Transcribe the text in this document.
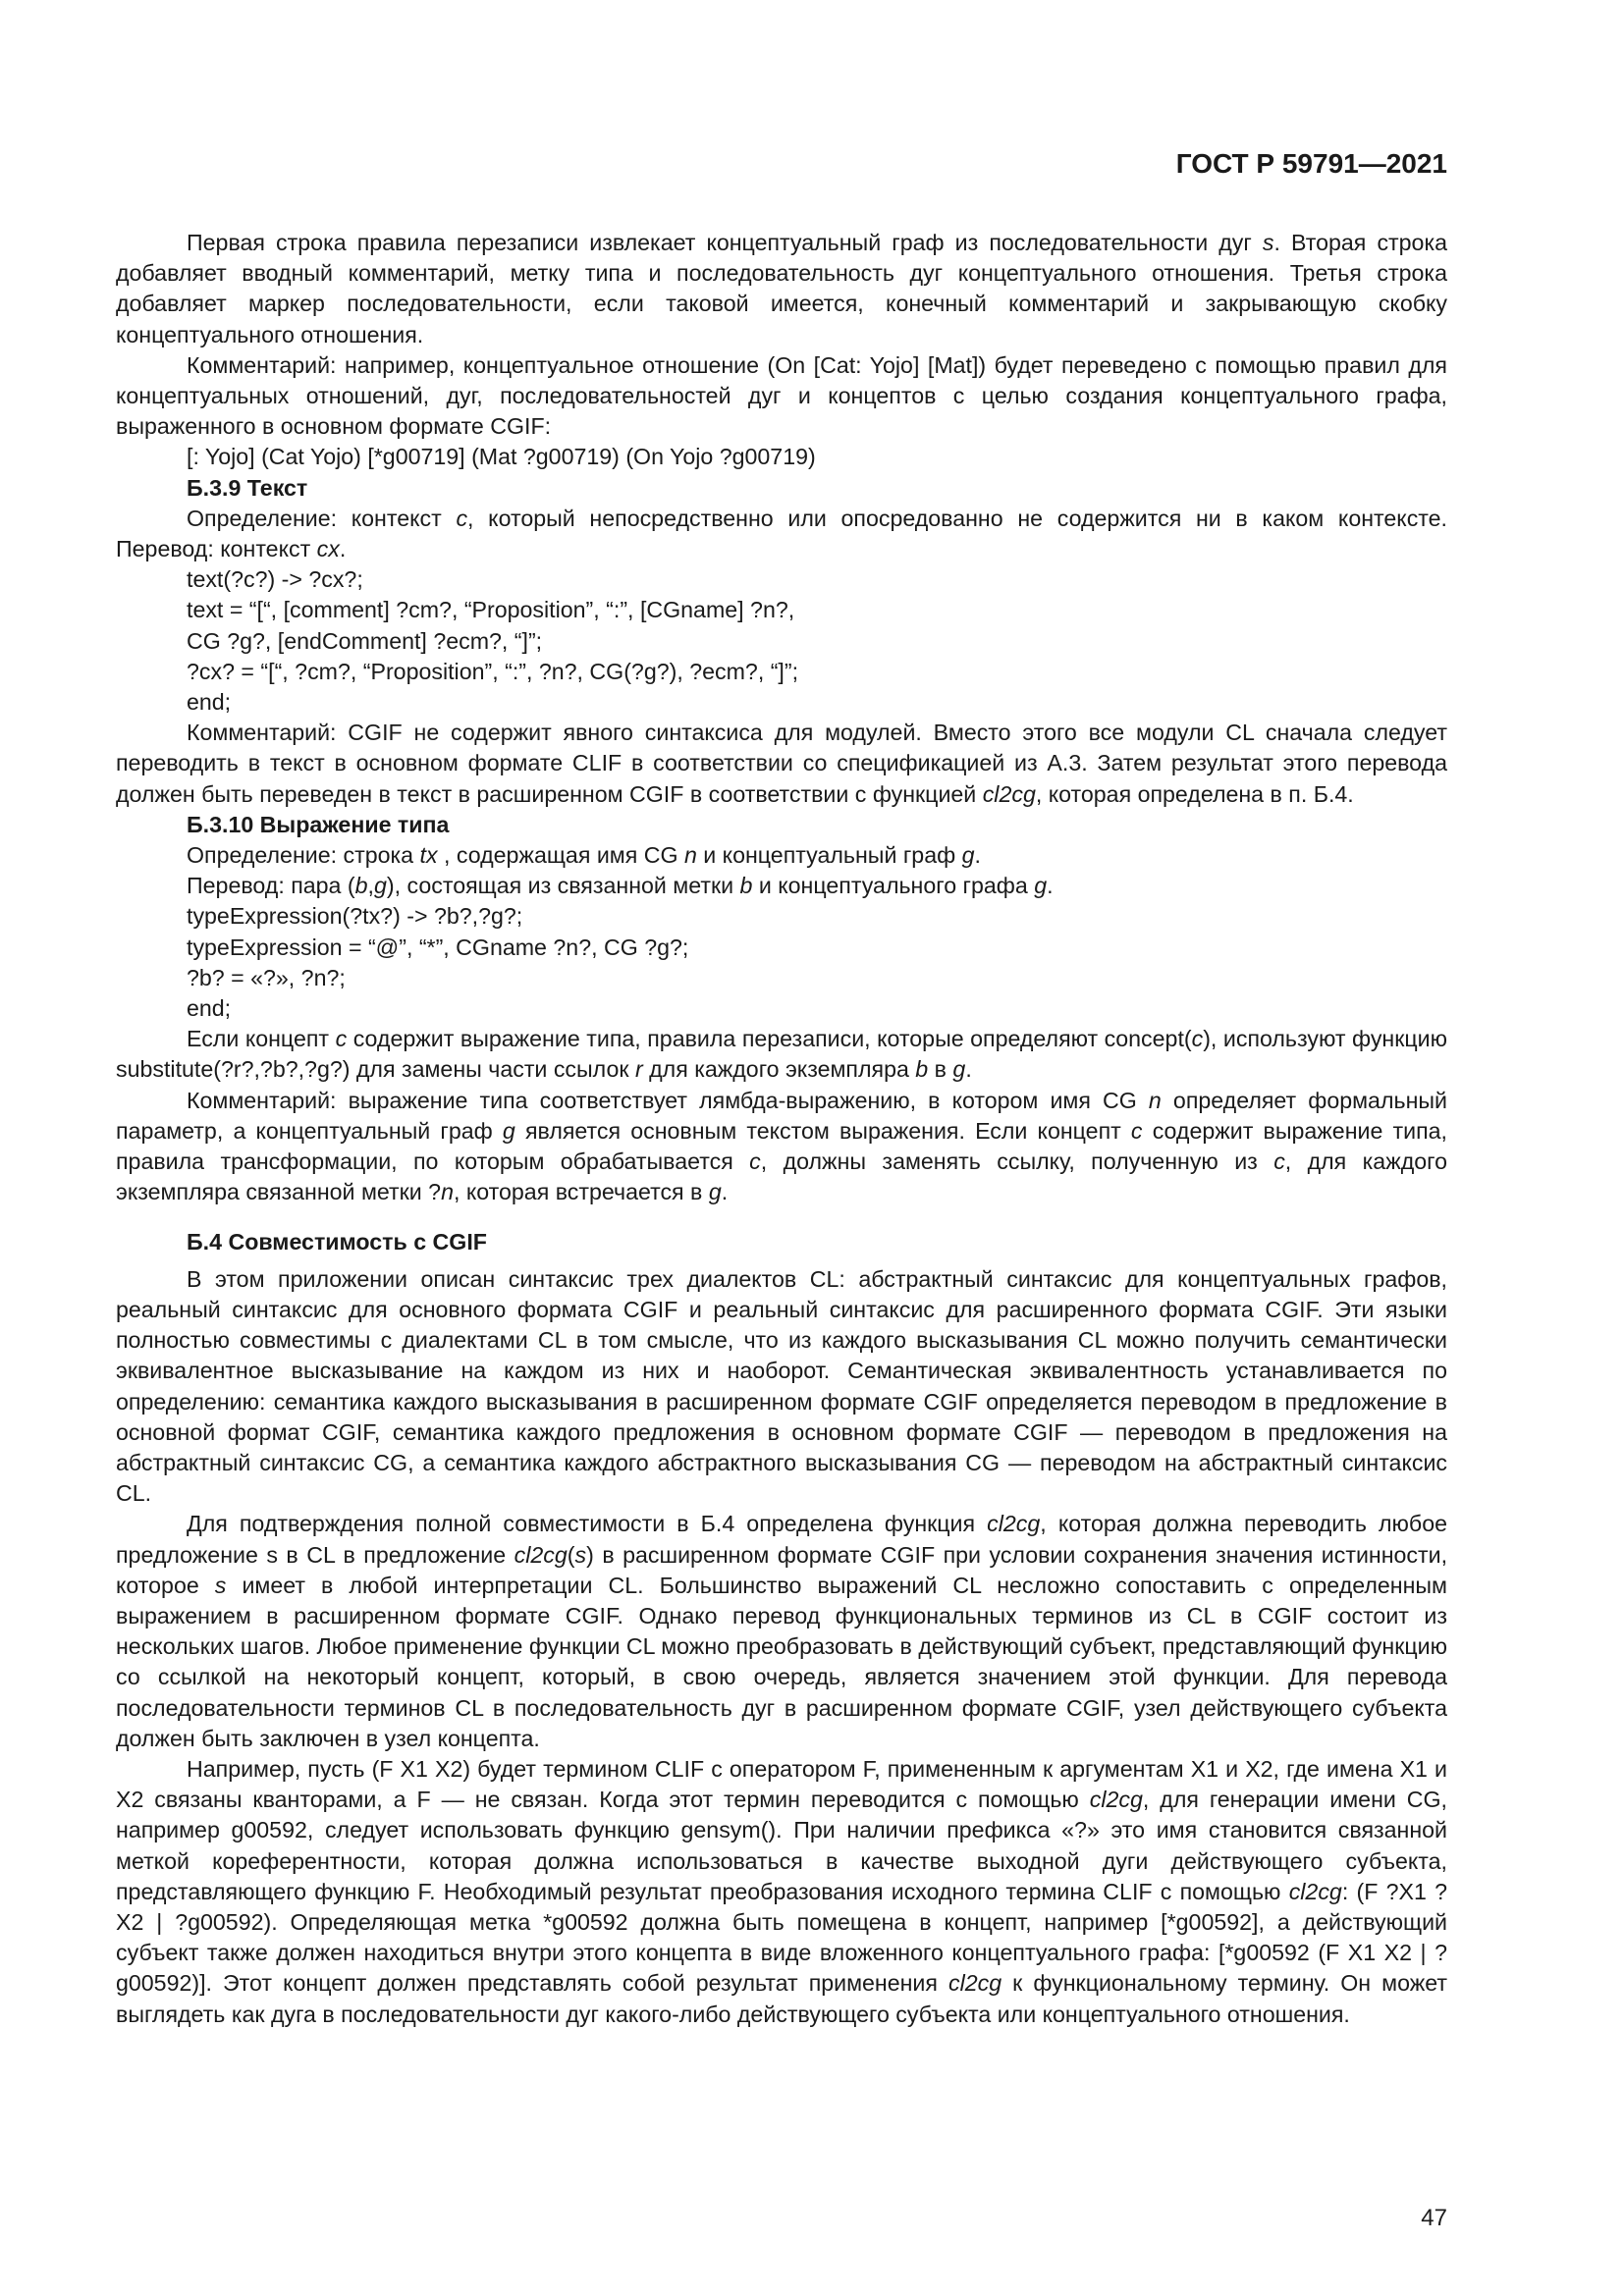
ГОСТ Р 59791—2021

Первая строка правила перезаписи извлекает концептуальный граф из последовательности дуг s. Вторая строка добавляет вводный комментарий, метку типа и последовательность дуг концептуального отношения. Третья строка добавляет маркер последовательности, если таковой имеется, конечный комментарий и закрывающую скобку концептуального отношения.

Комментарий: например, концептуальное отношение (On [Cat: Yojo] [Mat]) будет переведено с помощью правил для концептуальных отношений, дуг, последовательностей дуг и концептов с целью создания концептуального графа, выраженного в основном формате CGIF:

[: Yojo] (Cat Yojo) [*g00719] (Mat ?g00719) (On Yojo ?g00719)

Б.3.9 Текст

Определение: контекст c, который непосредственно или опосредованно не содержится ни в каком контексте. Перевод: контекст cx.

text(?c?) -> ?cx?;

text = “[“, [comment] ?cm?, “Proposition”, “:”, [CGname] ?n?,

CG ?g?, [endComment] ?ecm?, “]”;

?cx? = “[“, ?cm?, “Proposition”, “:”, ?n?, CG(?g?), ?ecm?, “]”;

end;

Комментарий: CGIF не содержит явного синтаксиса для модулей. Вместо этого все модули CL сначала следует переводить в текст в основном формате CLIF в соответствии со спецификацией из А.3. Затем результат этого перевода должен быть переведен в текст в расширенном CGIF в соответствии с функцией cl2cg, которая определена в п. Б.4.

Б.3.10 Выражение типа

Определение: строка tx , содержащая имя CG n и концептуальный граф g.

Перевод: пара (b,g), состоящая из связанной метки b и концептуального графа g.

typeExpression(?tx?) -> ?b?,?g?;

typeExpression = “@”, “*”, CGname ?n?, CG ?g?;

?b? = «?», ?n?;

end;

Если концепт c содержит выражение типа, правила перезаписи, которые определяют concept(c), используют функцию substitute(?r?,?b?,?g?) для замены части ссылок r для каждого экземпляра b в g.

Комментарий: выражение типа соответствует лямбда-выражению, в котором имя CG n определяет формальный параметр, а концептуальный граф g является основным текстом выражения. Если концепт c содержит выражение типа, правила трансформации, по которым обрабатывается c, должны заменять ссылку, полученную из c, для каждого экземпляра связанной метки ?n, которая встречается в g.

Б.4 Совместимость с CGIF

В этом приложении описан синтаксис трех диалектов CL: абстрактный синтаксис для концептуальных графов, реальный синтаксис для основного формата CGIF и реальный синтаксис для расширенного формата CGIF. Эти языки полностью совместимы с диалектами CL в том смысле, что из каждого высказывания CL можно получить семантически эквивалентное высказывание на каждом из них и наоборот. Семантическая эквивалентность устанавливается по определению: семантика каждого высказывания в расширенном формате CGIF определяется переводом в предложение в основной формат CGIF, семантика каждого предложения в основном формате CGIF — переводом в предложения на абстрактный синтаксис CG, а семантика каждого абстрактного высказывания CG — переводом на абстрактный синтаксис CL.

Для подтверждения полной совместимости в Б.4 определена функция cl2cg, которая должна переводить любое предложение s в CL в предложение cl2cg(s) в расширенном формате CGIF при условии сохранения значения истинности, которое s имеет в любой интерпретации CL. Большинство выражений CL несложно сопоставить с определенным выражением в расширенном формате CGIF. Однако перевод функциональных терминов из CL в CGIF состоит из нескольких шагов. Любое применение функции CL можно преобразовать в действующий субъект, представляющий функцию со ссылкой на некоторый концепт, который, в свою очередь, является значением этой функции. Для перевода последовательности терминов CL в последовательность дуг в расширенном формате CGIF, узел действующего субъекта должен быть заключен в узел концепта.

Например, пусть (F X1 X2) будет термином CLIF с оператором F, примененным к аргументам X1 и X2, где имена X1 и X2 связаны кванторами, а F — не связан. Когда этот термин переводится с помощью cl2cg, для генерации имени CG, например g00592, следует использовать функцию gensym(). При наличии префикса «?» это имя становится связанной меткой кореферентности, которая должна использоваться в качестве выходной дуги действующего субъекта, представляющего функцию F. Необходимый результат преобразования исходного термина CLIF с помощью cl2cg: (F ?X1 ?X2 | ?g00592). Определяющая метка *g00592 должна быть помещена в концепт, например [*g00592], а действующий субъект также должен находиться внутри этого концепта в виде вложенного концептуального графа: [*g00592 (F X1 X2 | ?g00592)]. Этот концепт должен представлять собой результат применения cl2cg к функциональному термину. Он может выглядеть как дуга в последовательности дуг какого-либо действующего субъекта или концептуального отношения.

47
